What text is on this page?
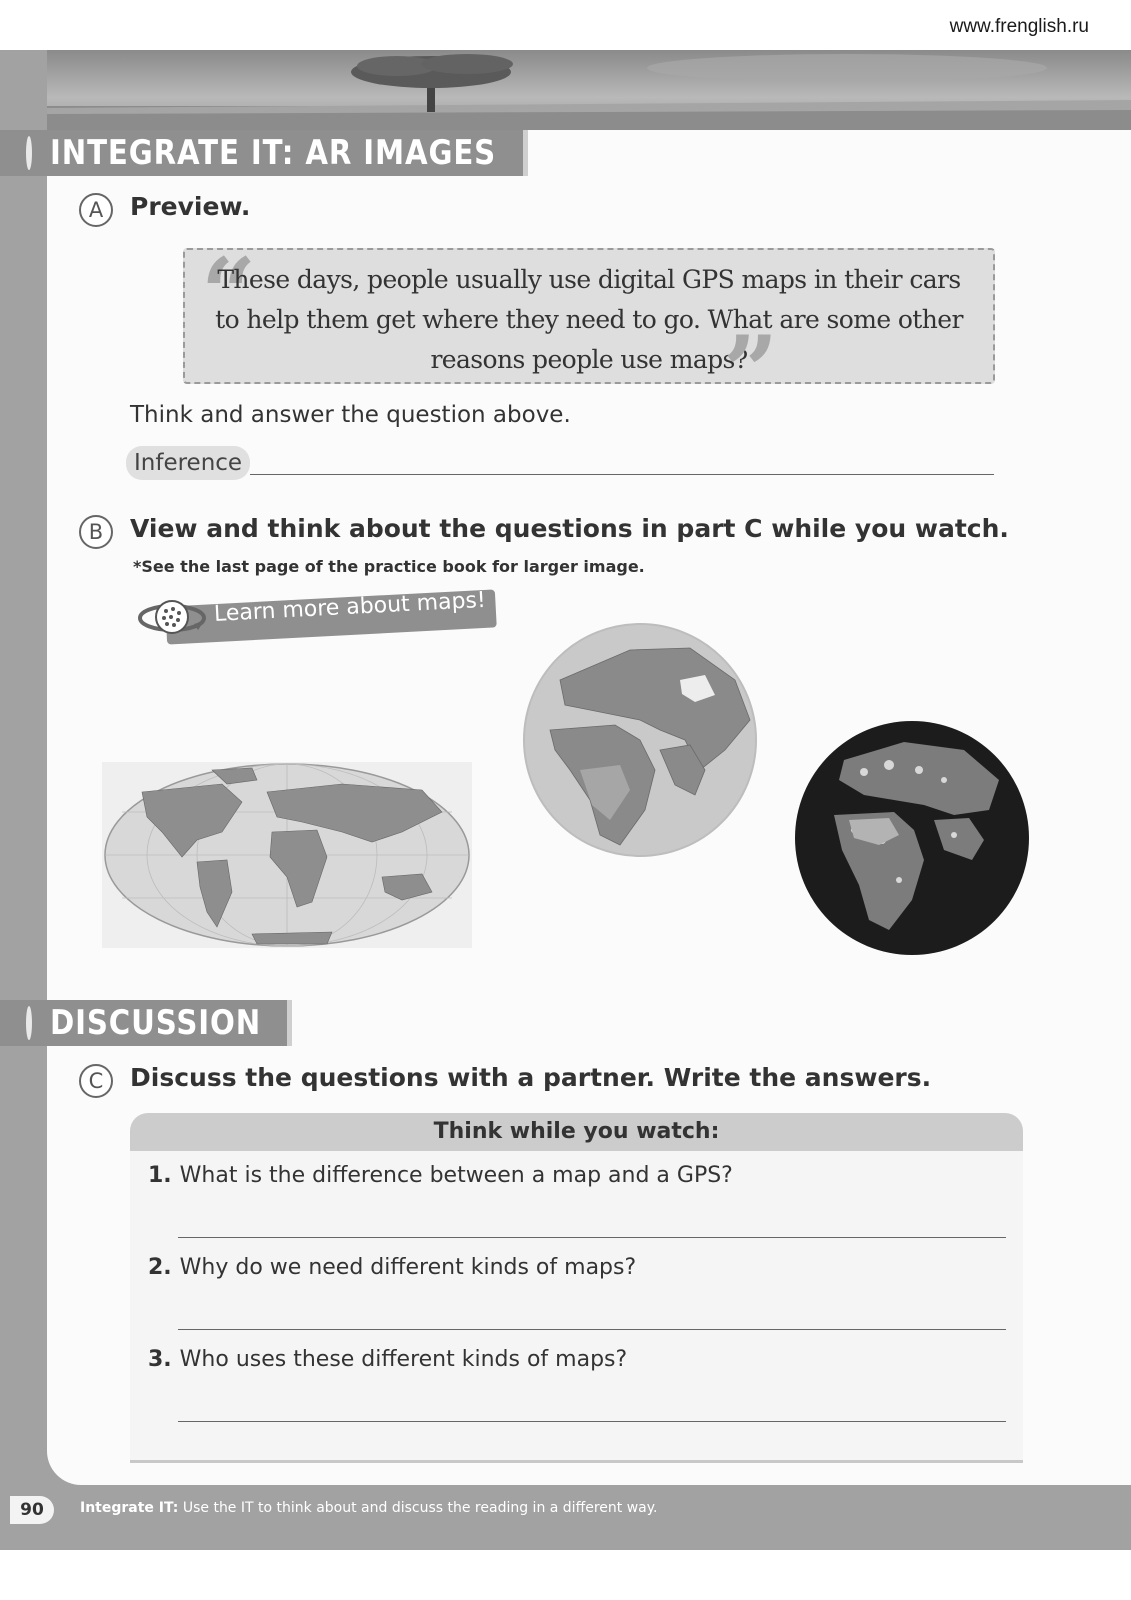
www.frenglish.ru
INTEGRATE IT: AR IMAGES
A	Preview.
“
These days, people usually use digital GPS maps in their cars
to help them get where they need to go. What are some other
reasons people use maps?
”
Think and answer the question above.
Inference
B	View and think about the questions in part C while you watch.
*See the last page of the practice book for larger image.
Learn more about maps!
DISCUSSION
C	Discuss the questions with a partner. Write the answers.
Think while you watch:
1. What is the difference between a map and a GPS?
2. Why do we need different kinds of maps?
3. Who uses these different kinds of maps?
90	Integrate IT: Use the IT to think about and discuss the reading in a different way.
